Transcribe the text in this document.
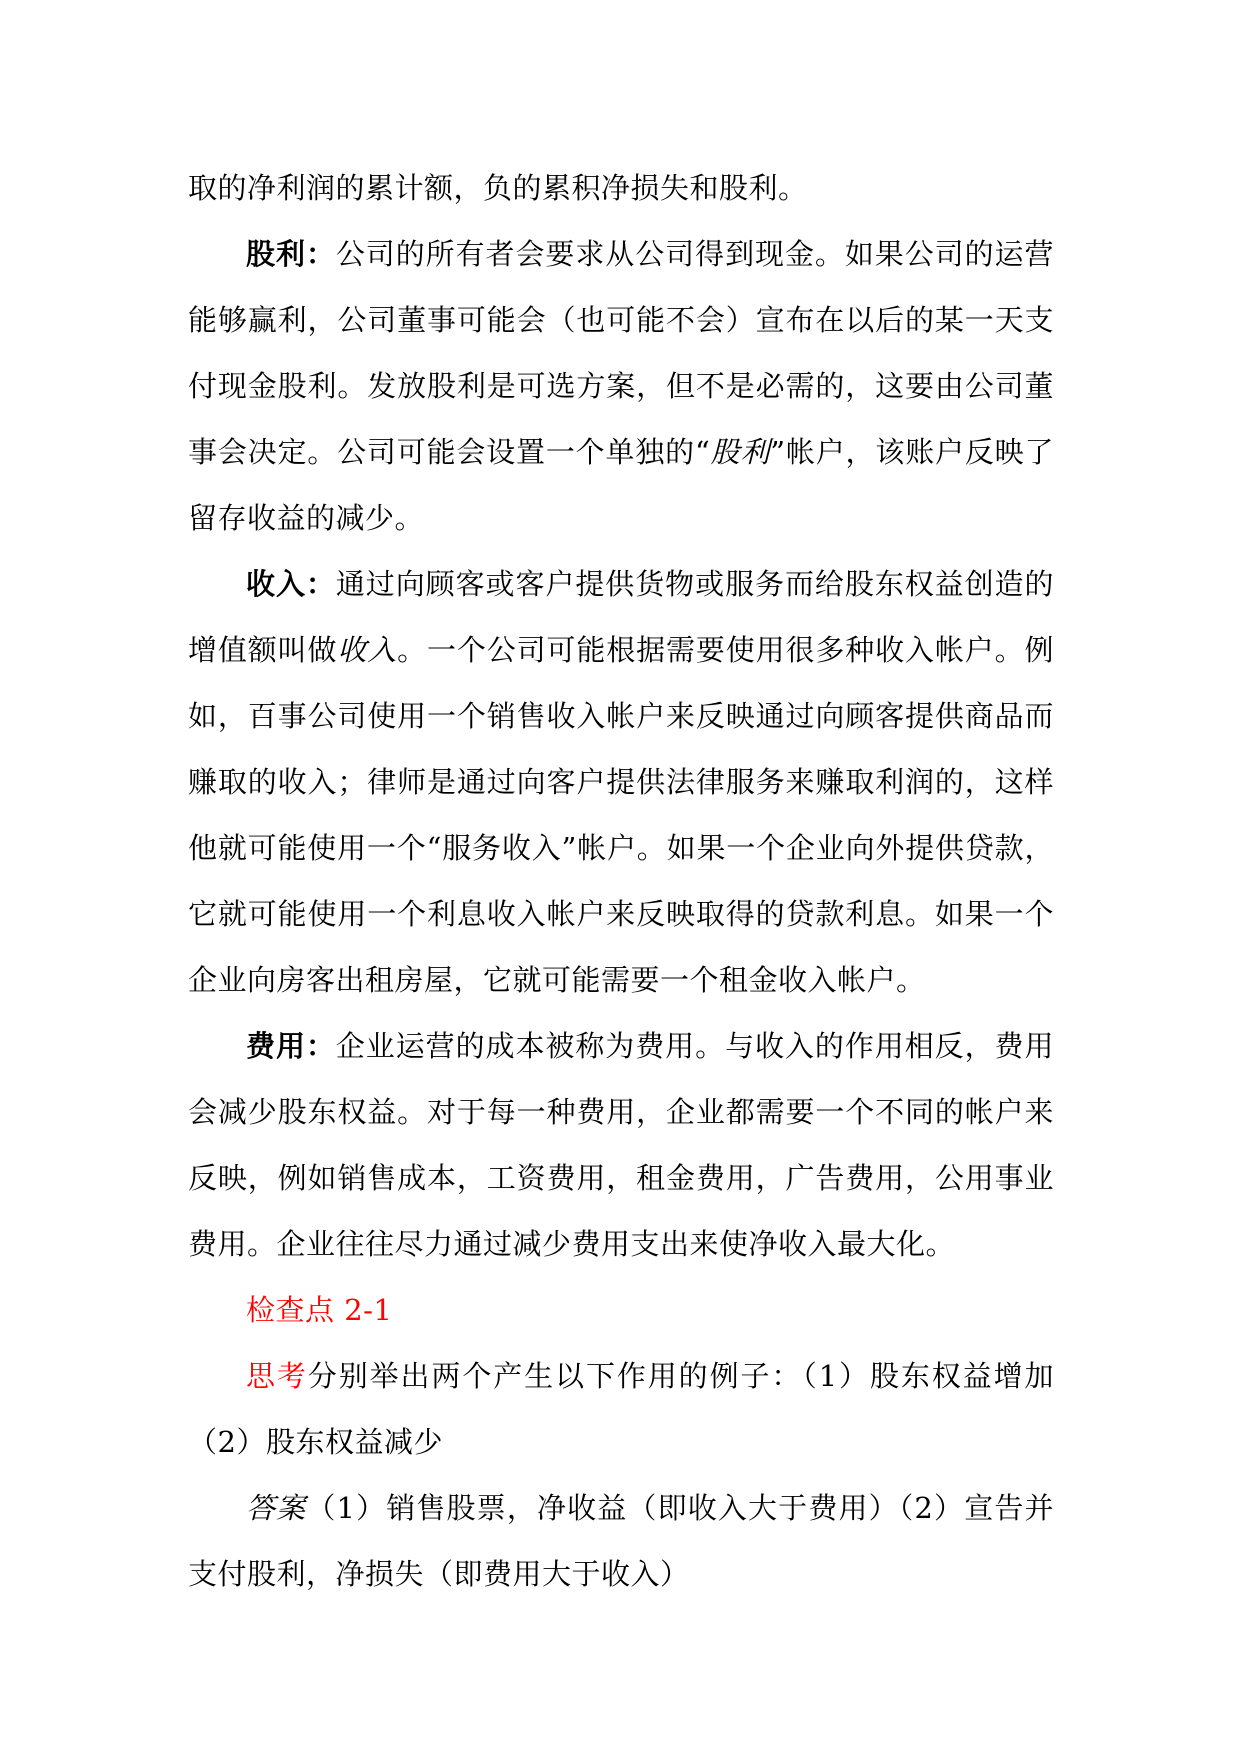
取的净利润的累计额，负的累积净损失和股利。

股利：公司的所有者会要求从公司得到现金。如果公司的运营能够赢利，公司董事可能会（也可能不会）宣布在以后的某一天支付现金股利。发放股利是可选方案，但不是必需的，这要由公司董事会决定。公司可能会设置一个单独的“股利”帐户，该账户反映了留存收益的减少。

收入：通过向顾客或客户提供货物或服务而给股东权益创造的增值额叫做收入。一个公司可能根据需要使用很多种收入帐户。例如，百事公司使用一个销售收入帐户来反映通过向顾客提供商品而赚取的收入；律师是通过向客户提供法律服务来赚取利润的，这样他就可能使用一个“服务收入”帐户。如果一个企业向外提供贷款，它就可能使用一个利息收入帐户来反映取得的贷款利息。如果一个企业向房客出租房屋，它就可能需要一个租金收入帐户。

费用：企业运营的成本被称为费用。与收入的作用相反，费用会减少股东权益。对于每一种费用，企业都需要一个不同的帐户来反映，例如销售成本，工资费用，租金费用，广告费用，公用事业费用。企业往往尽力通过减少费用支出来使净收入最大化。

检查点 2-1

思考分别举出两个产生以下作用的例子：（1）股东权益增加（2）股东权益减少

答案（1）销售股票，净收益（即收入大于费用）（2）宣告并支付股利，净损失（即费用大于收入）
